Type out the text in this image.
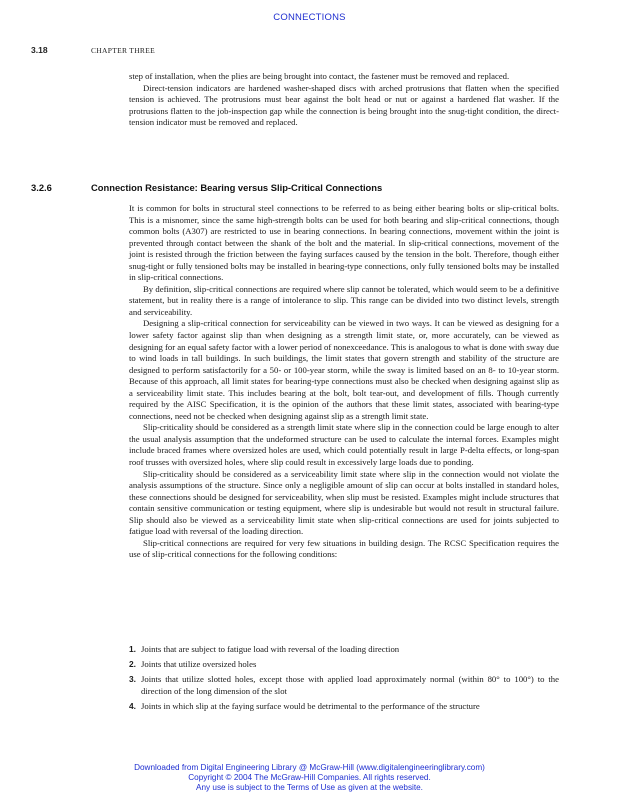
CONNECTIONS
3.18	CHAPTER THREE

step of installation, when the plies are being brought into contact, the fastener must be removed and replaced.

Direct-tension indicators are hardened washer-shaped discs with arched protrusions that flatten when the specified tension is achieved. The protrusions must bear against the bolt head or nut or against a hardened flat washer. If the protrusions flatten to the job-inspection gap while the connection is being brought into the snug-tight condition, the direct-tension indicator must be removed and replaced.

3.2.6	Connection Resistance: Bearing versus Slip-Critical Connections

It is common for bolts in structural steel connections to be referred to as being either bearing bolts or slip-critical bolts. This is a misnomer, since the same high-strength bolts can be used for both bearing and slip-critical connections, though common bolts (A307) are restricted to use in bearing connections. In bearing connections, movement within the joint is prevented through contact between the shank of the bolt and the material. In slip-critical connections, movement of the joint is resisted through the friction between the faying surfaces caused by the tension in the bolt. Therefore, though either snug-tight or fully tensioned bolts may be installed in bearing-type connections, only fully tensioned bolts may be installed in slip-critical connections.

By definition, slip-critical connections are required where slip cannot be tolerated, which would seem to be a definitive statement, but in reality there is a range of intolerance to slip. This range can be divided into two distinct levels, strength and serviceability.

Designing a slip-critical connection for serviceability can be viewed in two ways. It can be viewed as designing for a lower safety factor against slip than when designing as a strength limit state, or, more accurately, can be viewed as designing for an equal safety factor with a lower period of nonexceedance. This is analogous to what is done with sway due to wind loads in tall buildings. In such buildings, the limit states that govern strength and stability of the structure are designed to perform satisfactorily for a 50- or 100-year storm, while the sway is limited based on an 8- to 10-year storm. Because of this approach, all limit states for bearing-type connections must also be checked when designing against slip as a serviceability limit state. This includes bearing at the bolt, bolt tear-out, and development of fills. Though currently required by the AISC Specification, it is the opinion of the authors that these limit states, associated with bearing-type connections, need not be checked when designing against slip as a strength limit state.

Slip-criticality should be considered as a strength limit state where slip in the connection could be large enough to alter the usual analysis assumption that the undeformed structure can be used to calculate the internal forces. Examples might include braced frames where oversized holes are used, which could potentially result in large P-delta effects, or long-span roof trusses with oversized holes, where slip could result in excessively large loads due to ponding.

Slip-criticality should be considered as a serviceability limit state where slip in the connection would not violate the analysis assumptions of the structure. Since only a negligible amount of slip can occur at bolts installed in standard holes, these connections should be designed for serviceability, when slip must be resisted. Examples might include structures that contain sensitive communication or testing equipment, where slip is undesirable but would not result in structural failure. Slip should also be viewed as a serviceability limit state when slip-critical connections are used for joints subjected to fatigue load with reversal of the loading direction.

Slip-critical connections are required for very few situations in building design. The RCSC Specification requires the use of slip-critical connections for the following conditions:

1. Joints that are subject to fatigue load with reversal of the loading direction
2. Joints that utilize oversized holes
3. Joints that utilize slotted holes, except those with applied load approximately normal (within 80° to 100°) to the direction of the long dimension of the slot
4. Joints in which slip at the faying surface would be detrimental to the performance of the structure
Downloaded from Digital Engineering Library @ McGraw-Hill (www.digitalengineeringlibrary.com)
Copyright © 2004 The McGraw-Hill Companies. All rights reserved.
Any use is subject to the Terms of Use as given at the website.
